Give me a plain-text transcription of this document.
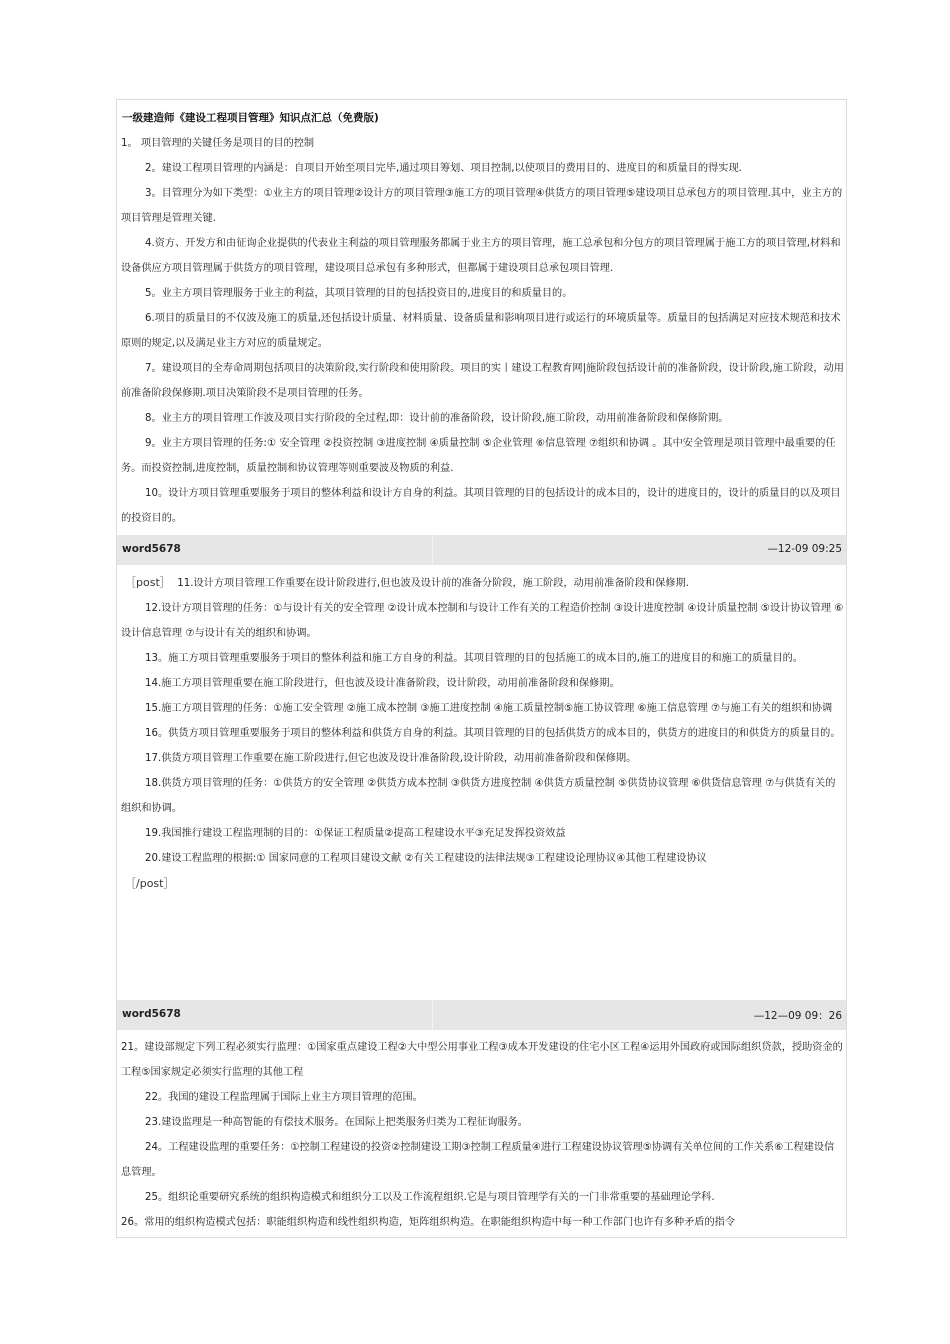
一级建造师《建设工程项目管理》知识点汇总（免费版)

1。 项目管理的关键任务是项目的目的控制

2。建设工程项目管理的内涵是：自项目开始至项目完毕,通过项目筹划、项目控制,以使项目的费用目的、进度目的和质量目的得实现.

3。目管理分为如下类型：①业主方的项目管理②设计方的项目管理③施工方的项目管理④供货方的项目管理⑤建设项目总承包方的项目管理.其中，业主方的项目管理是管理关键.

4.资方、开发方和由征询企业提供的代表业主利益的项目管理服务都属于业主方的项目管理，施工总承包和分包方的项目管理属于施工方的项目管理,材料和设备供应方项目管理属于供货方的项目管理，建设项目总承包有多种形式，但都属于建设项目总承包项目管理.

5。业主方项目管理服务于业主的利益，其项目管理的目的包括投资目的,进度目的和质量目的。

6.项目的质量目的不仅波及施工的质量,还包括设计质量、材料质量、设备质量和影响项目进行或运行的环境质量等。质量目的包括满足对应技术规范和技术原则的规定,以及满足业主方对应的质量规定。

7。建设项目的全寿命周期包括项目的决策阶段,实行阶段和使用阶段。项目的实丨建设工程教育网|施阶段包括设计前的准备阶段，设计阶段,施工阶段，动用前准备阶段保修期.项目决策阶段不是项目管理的任务。

8。业主方的项目管理工作波及项目实行阶段的全过程,即：设计前的准备阶段，设计阶段,施工阶段，动用前准备阶段和保修阶期。

9。业主方项目管理的任务:① 安全管理 ②投资控制 ③进度控制 ④质量控制 ⑤企业管理 ⑥信息管理 ⑦组织和协调 。其中安全管理是项目管理中最重要的任务。而投资控制,进度控制，质量控制和协议管理等则重要波及物质的利益.

10。设计方项目管理重要服务于项目的整体利益和设计方自身的利益。其项目管理的目的包括设计的成本目的，设计的进度目的，设计的质量目的以及项目的投资目的。

word5678	—12-09 09:25

［post］ 11.设计方项目管理工作重要在设计阶段进行,但也波及设计前的准备分阶段，施工阶段，动用前准备阶段和保修期.

12.设计方项目管理的任务：①与设计有关的安全管理 ②设计成本控制和与设计工作有关的工程造价控制 ③设计进度控制 ④设计质量控制 ⑤设计协议管理 ⑥设计信息管理 ⑦与设计有关的组织和协调。

13。施工方项目管理重要服务于项目的整体利益和施工方自身的利益。其项目管理的目的包括施工的成本目的,施工的进度目的和施工的质量目的。

14.施工方项目管理重要在施工阶段进行，但也波及设计准备阶段，设计阶段，动用前准备阶段和保修期。

15.施工方项目管理的任务：①施工安全管理 ②施工成本控制 ③施工进度控制 ④施工质量控制⑤施工协议管理 ⑥施工信息管理 ⑦与施工有关的组织和协调

16。供货方项目管理重要服务于项目的整体利益和供货方自身的利益。其项目管理的目的包括供货方的成本目的，供货方的进度目的和供货方的质量目的。

17.供货方项目管理工作重要在施工阶段进行,但它也波及设计准备阶段,设计阶段，动用前准备阶段和保修期。

18.供货方项目管理的任务：①供货方的安全管理 ②供货方成本控制 ③供货方进度控制 ④供货方质量控制 ⑤供货协议管理 ⑥供货信息管理 ⑦与供货有关的组织和协调。

19.我国推行建设工程监理制的目的：①保证工程质量②提高工程建设水平③充足发挥投资效益

20.建设工程监理的根据:① 国家同意的工程项目建设文献 ②有关工程建设的法律法规③工程建设论理协议④其他工程建设协议

［/post］

word5678	—12—09 09：26

21。建设部规定下列工程必须实行监理：①国家重点建设工程②大中型公用事业工程③成本开发建设的住宅小区工程④运用外国政府或国际组织贷款，授助资金的工程⑤国家规定必须实行监理的其他工程

22。我国的建设工程监理属于国际上业主方项目管理的范围。

23.建设监理是一种高智能的有偿技术服务。在国际上把类服务归类为工程征询服务。

24。工程建设监理的重要任务：①控制工程建设的投资②控制建设工期③控制工程质量④进行工程建设协议管理⑤协调有关单位间的工作关系⑥工程建设信息管理。

25。组织论重要研究系统的组织构造模式和组织分工以及工作流程组织.它是与项目管理学有关的一门非常重要的基础理论学科.

26。常用的组织构造模式包括：职能组织构造和线性组织构造，矩阵组织构造。在职能组织构造中每一种工作部门也许有多种矛盾的指令
